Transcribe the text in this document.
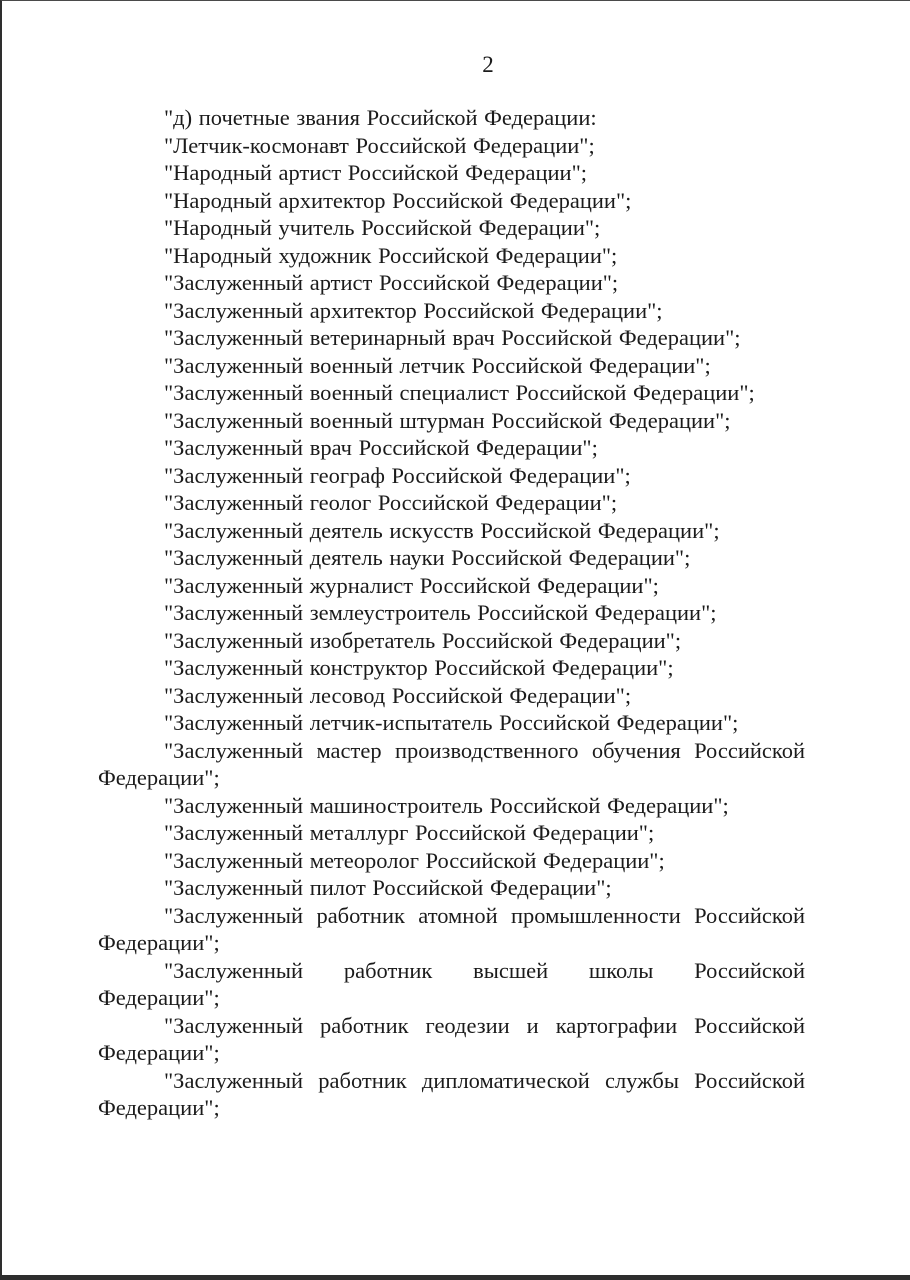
2
"д) почетные звания Российской Федерации:
"Летчик-космонавт Российской Федерации";
"Народный артист Российской Федерации";
"Народный архитектор Российской Федерации";
"Народный учитель Российской Федерации";
"Народный художник Российской Федерации";
"Заслуженный артист Российской Федерации";
"Заслуженный архитектор Российской Федерации";
"Заслуженный ветеринарный врач Российской Федерации";
"Заслуженный военный летчик Российской Федерации";
"Заслуженный военный специалист Российской Федерации";
"Заслуженный военный штурман Российской Федерации";
"Заслуженный врач Российской Федерации";
"Заслуженный географ Российской Федерации";
"Заслуженный геолог Российской Федерации";
"Заслуженный деятель искусств Российской Федерации";
"Заслуженный деятель науки Российской Федерации";
"Заслуженный журналист Российской Федерации";
"Заслуженный землеустроитель Российской Федерации";
"Заслуженный изобретатель Российской Федерации";
"Заслуженный конструктор Российской Федерации";
"Заслуженный лесовод Российской Федерации";
"Заслуженный летчик-испытатель Российской Федерации";
"Заслуженный мастер производственного обучения Российской
Федерации";
"Заслуженный машиностроитель Российской Федерации";
"Заслуженный металлург Российской Федерации";
"Заслуженный метеоролог Российской Федерации";
"Заслуженный пилот Российской Федерации";
"Заслуженный работник атомной промышленности Российской
Федерации";
"Заслуженный работник высшей школы Российской
Федерации";
"Заслуженный работник геодезии и картографии Российской
Федерации";
"Заслуженный работник дипломатической службы Российской
Федерации";
